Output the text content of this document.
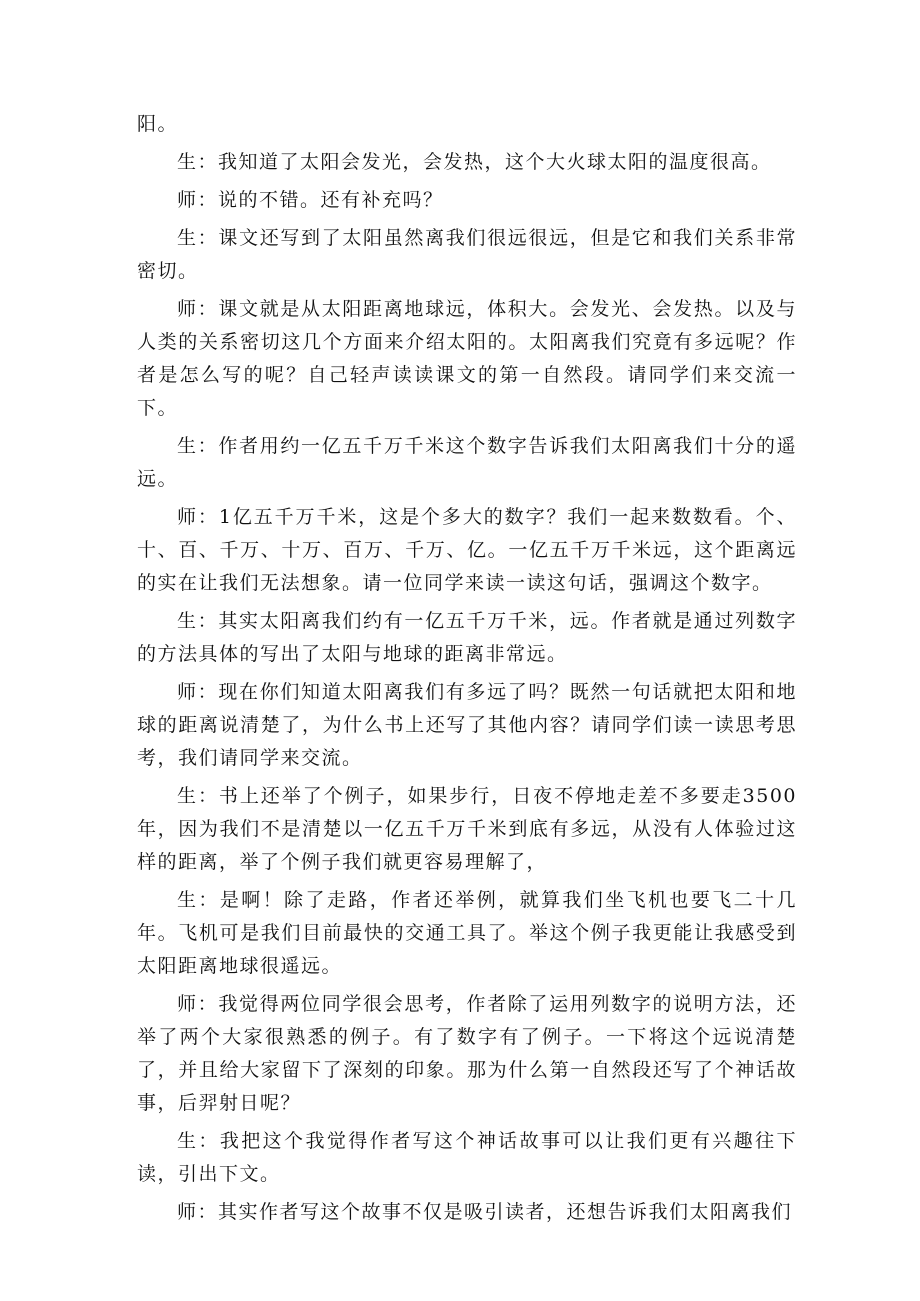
阳。

生：我知道了太阳会发光，会发热，这个大火球太阳的温度很高。

师：说的不错。还有补充吗？

生：课文还写到了太阳虽然离我们很远很远，但是它和我们关系非常密切。

师：课文就是从太阳距离地球远，体积大。会发光、会发热。以及与人类的关系密切这几个方面来介绍太阳的。太阳离我们究竟有多远呢？作者是怎么写的呢？自己轻声读读课文的第一自然段。请同学们来交流一下。

生：作者用约一亿五千万千米这个数字告诉我们太阳离我们十分的遥远。

师：1亿五千万千米，这是个多大的数字？我们一起来数数看。个、十、百、千万、十万、百万、千万、亿。一亿五千万千米远，这个距离远的实在让我们无法想象。请一位同学来读一读这句话，强调这个数字。

生：其实太阳离我们约有一亿五千万千米，远。作者就是通过列数字的方法具体的写出了太阳与地球的距离非常远。

师：现在你们知道太阳离我们有多远了吗？既然一句话就把太阳和地球的距离说清楚了，为什么书上还写了其他内容？请同学们读一读思考思考，我们请同学来交流。

生：书上还举了个例子，如果步行，日夜不停地走差不多要走3500年，因为我们不是清楚以一亿五千万千米到底有多远，从没有人体验过这样的距离，举了个例子我们就更容易理解了，

生：是啊！除了走路，作者还举例，就算我们坐飞机也要飞二十几年。飞机可是我们目前最快的交通工具了。举这个例子我更能让我感受到太阳距离地球很遥远。

师：我觉得两位同学很会思考，作者除了运用列数字的说明方法，还举了两个大家很熟悉的例子。有了数字有了例子。一下将这个远说清楚了，并且给大家留下了深刻的印象。那为什么第一自然段还写了个神话故事，后羿射日呢？

生：我把这个我觉得作者写这个神话故事可以让我们更有兴趣往下读，引出下文。

师：其实作者写这个故事不仅是吸引读者，还想告诉我们太阳离我们
